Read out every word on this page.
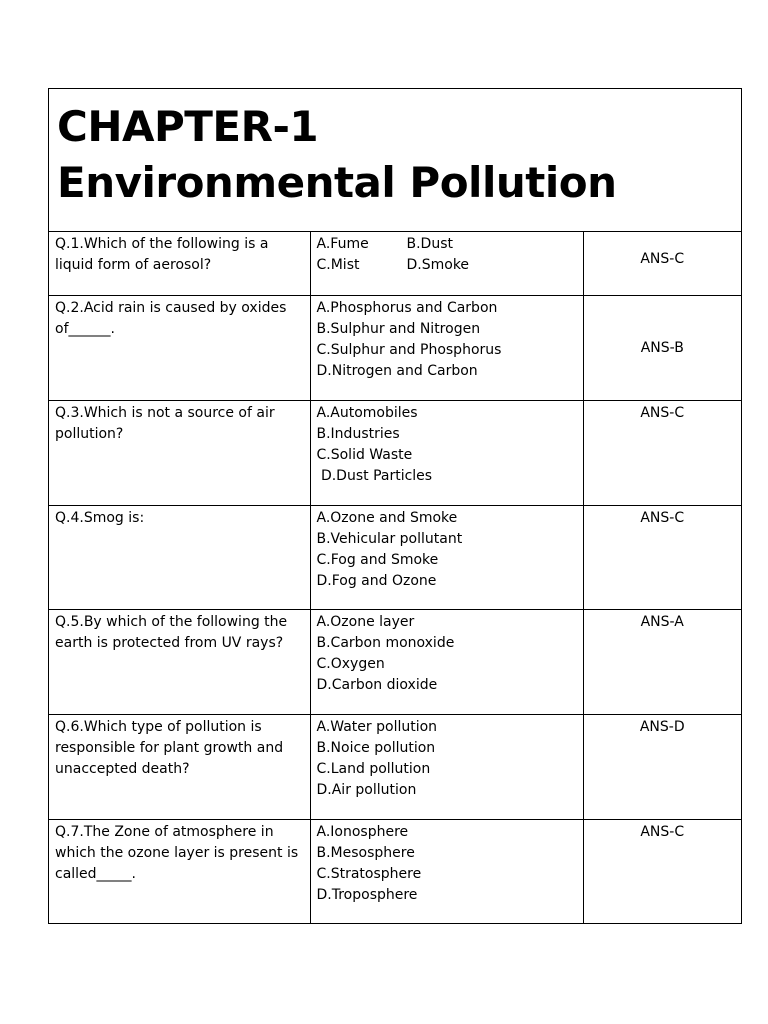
CHAPTER-1
Environmental Pollution
Q.1.Which of the following is a liquid form of aerosol?	A.Fume B.Dust
C.Mist D.Smoke	ANS-C

Q.2.Acid rain is caused by oxides of______.	A.Phosphorus and Carbon
B.Sulphur and Nitrogen
C.Sulphur and Phosphorus
D.Nitrogen and Carbon	ANS-B

Q.3.Which is not a source of air pollution?	A.Automobiles
B.Industries
C.Solid Waste
D.Dust Particles	ANS-C

Q.4.Smog is:	A.Ozone and Smoke
B.Vehicular pollutant
C.Fog and Smoke
D.Fog and Ozone	ANS-C

Q.5.By which of the following the earth is protected from UV rays?	A.Ozone layer
B.Carbon monoxide
C.Oxygen
D.Carbon dioxide	ANS-A

Q.6.Which type of pollution is responsible for plant growth and unaccepted death?	A.Water pollution
B.Noice pollution
C.Land pollution
D.Air pollution	ANS-D

Q.7.The Zone of atmosphere in which the ozone layer is present is called_____.	A.Ionosphere
B.Mesosphere
C.Stratosphere
D.Troposphere	ANS-C
